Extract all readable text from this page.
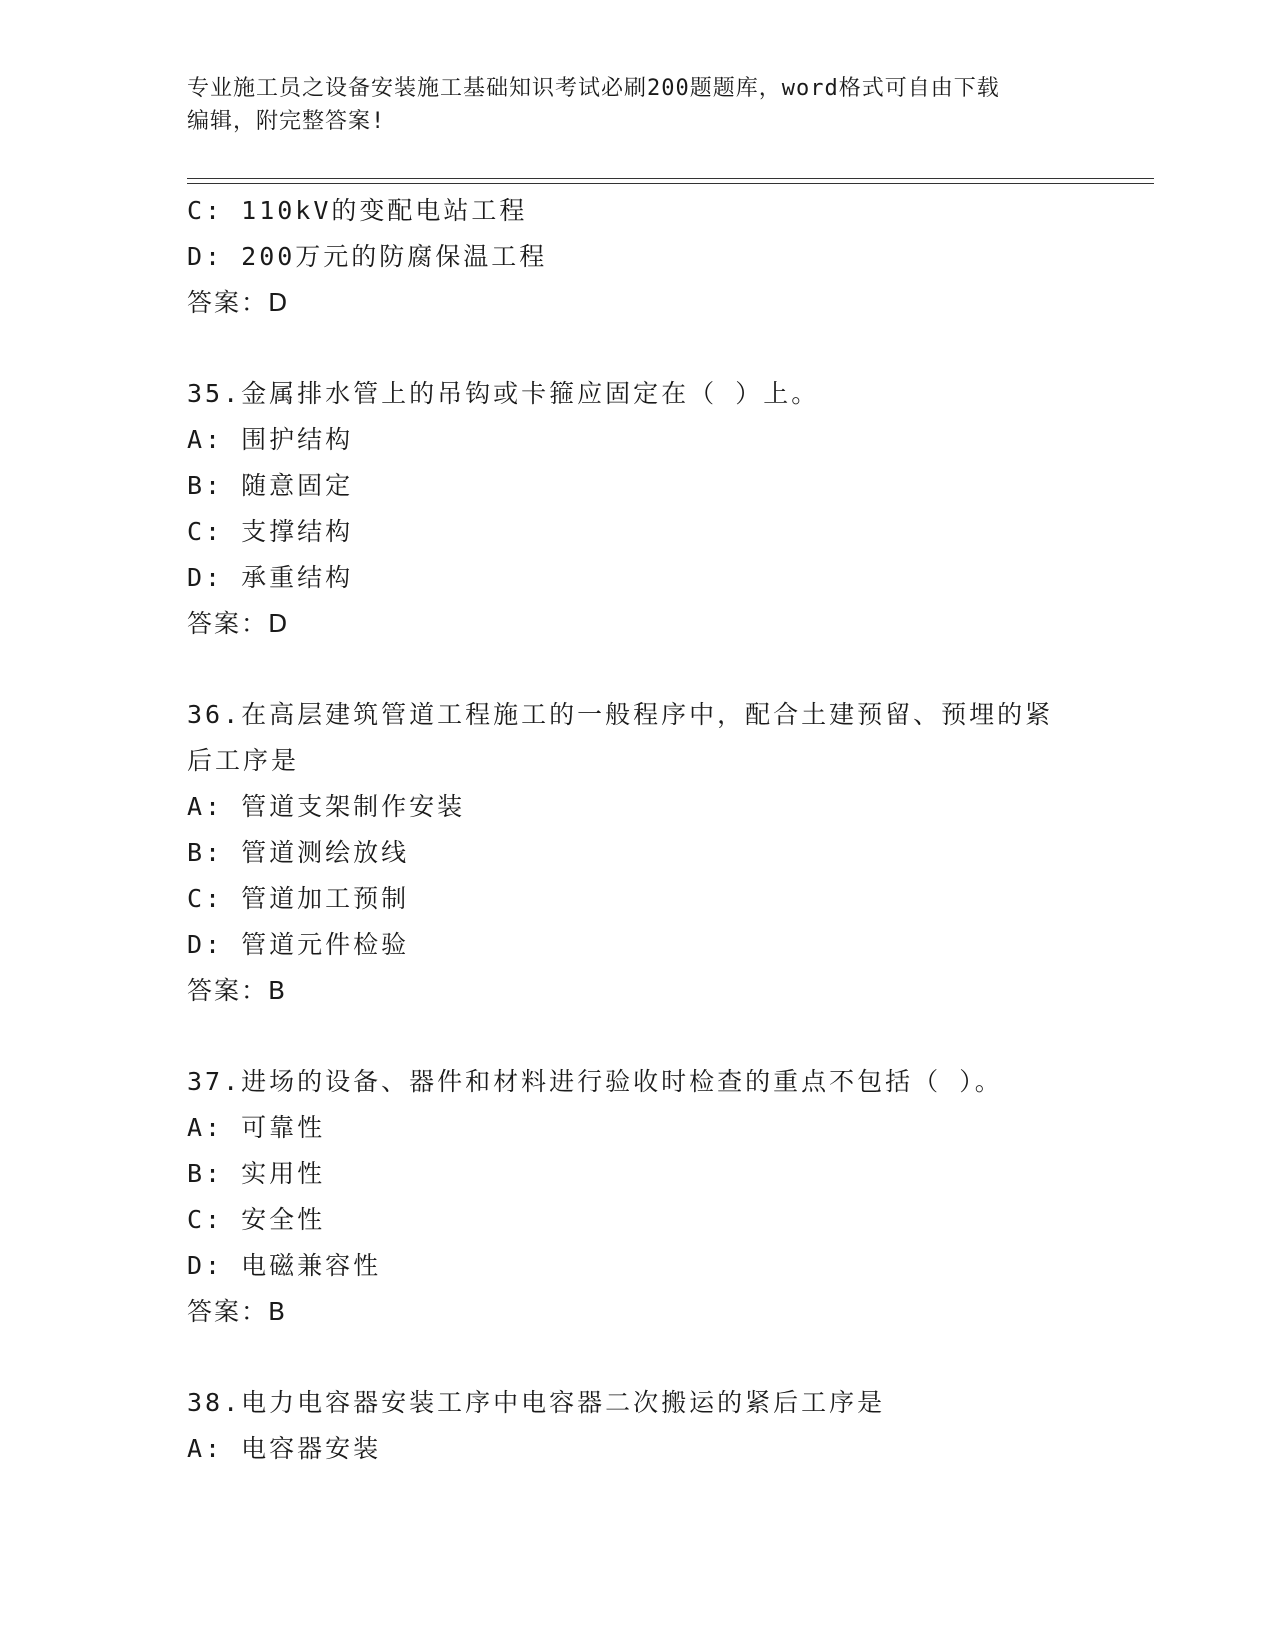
专业施工员之设备安装施工基础知识考试必刷200题题库，word格式可自由下载
编辑，附完整答案!
C: 110kV的变配电站工程
D: 200万元的防腐保温工程
答案：D
35.金属排水管上的吊钩或卡箍应固定在（ ）上。
A: 围护结构
B: 随意固定
C: 支撑结构
D: 承重结构
答案：D
36.在高层建筑管道工程施工的一般程序中，配合土建预留、预埋的紧
后工序是
A: 管道支架制作安装
B: 管道测绘放线
C: 管道加工预制
D: 管道元件检验
答案：B
37.进场的设备、器件和材料进行验收时检查的重点不包括（ ）。
A: 可靠性
B: 实用性
C: 安全性
D: 电磁兼容性
答案：B
38.电力电容器安装工序中电容器二次搬运的紧后工序是
A: 电容器安装
